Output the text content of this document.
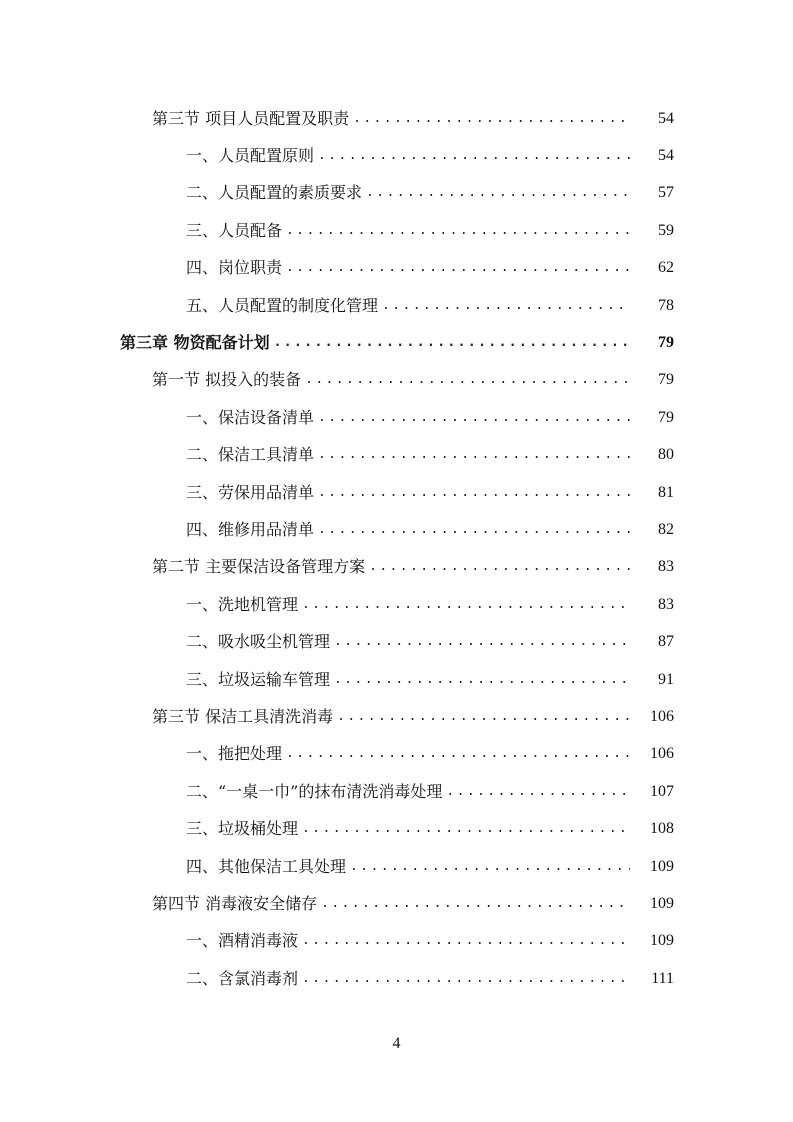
第三节 项目人员配置及职责 .....	54
一、人员配置原则 .....	54
二、人员配置的素质要求 .....	57
三、人员配备 .....	59
四、岗位职责 .....	62
五、人员配置的制度化管理 .....	78
第三章 物资配备计划 .....	79
第一节 拟投入的装备 .....	79
一、保洁设备清单 .....	79
二、保洁工具清单 .....	80
三、劳保用品清单 .....	81
四、维修用品清单 .....	82
第二节 主要保洁设备管理方案 .....	83
一、洗地机管理 .....	83
二、吸水吸尘机管理 .....	87
三、垃圾运输车管理 .....	91
第三节 保洁工具清洗消毒 .....	106
一、拖把处理 .....	106
二、“一桌一巾”的抹布清洗消毒处理 .....	107
三、垃圾桶处理 .....	108
四、其他保洁工具处理 .....	109
第四节 消毒液安全储存 .....	109
一、酒精消毒液 .....	109
二、含氯消毒剂 .....	111
4
